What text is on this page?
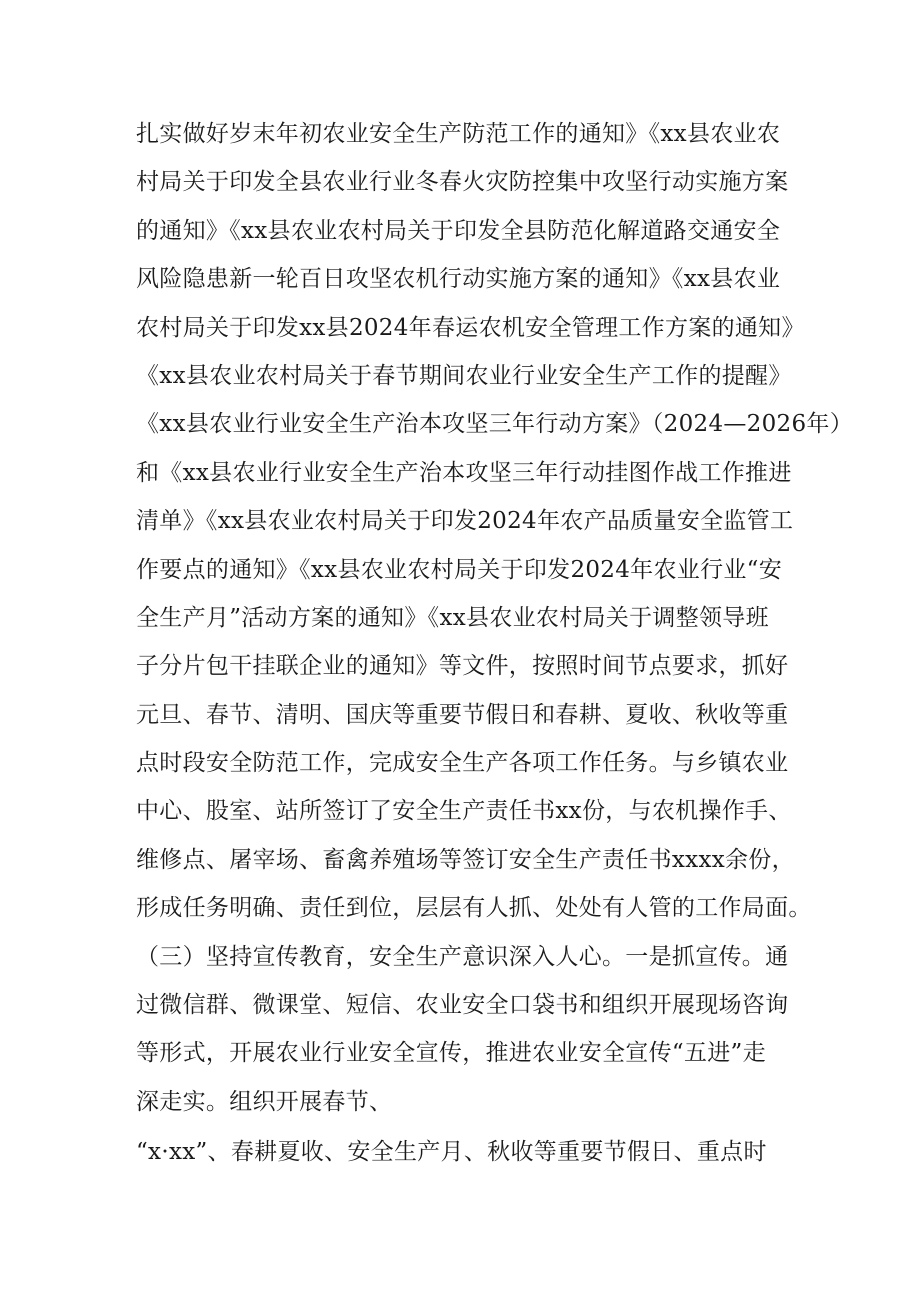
扎实做好岁末年初农业安全生产防范工作的通知》《xx县农业农
村局关于印发全县农业行业冬春火灾防控集中攻坚行动实施方案
的通知》《xx县农业农村局关于印发全县防范化解道路交通安全
风险隐患新一轮百日攻坚农机行动实施方案的通知》《xx县农业
农村局关于印发xx县2024年春运农机安全管理工作方案的通知》
《xx县农业农村局关于春节期间农业行业安全生产工作的提醒》
《xx县农业行业安全生产治本攻坚三年行动方案》（2024—2026年）
和《xx县农业行业安全生产治本攻坚三年行动挂图作战工作推进
清单》《xx县农业农村局关于印发2024年农产品质量安全监管工
作要点的通知》《xx县农业农村局关于印发2024年农业行业“安
全生产月”活动方案的通知》《xx县农业农村局关于调整领导班
子分片包干挂联企业的通知》等文件，按照时间节点要求，抓好
元旦、春节、清明、国庆等重要节假日和春耕、夏收、秋收等重
点时段安全防范工作，完成安全生产各项工作任务。与乡镇农业
中心、股室、站所签订了安全生产责任书xx份，与农机操作手、
维修点、屠宰场、畜禽养殖场等签订安全生产责任书xxxx余份，
形成任务明确、责任到位，层层有人抓、处处有人管的工作局面。
（三）坚持宣传教育，安全生产意识深入人心。一是抓宣传。通
过微信群、微课堂、短信、农业安全口袋书和组织开展现场咨询
等形式，开展农业行业安全宣传，推进农业安全宣传“五进”走
深走实。组织开展春节、
“x·xx”、春耕夏收、安全生产月、秋收等重要节假日、重点时
